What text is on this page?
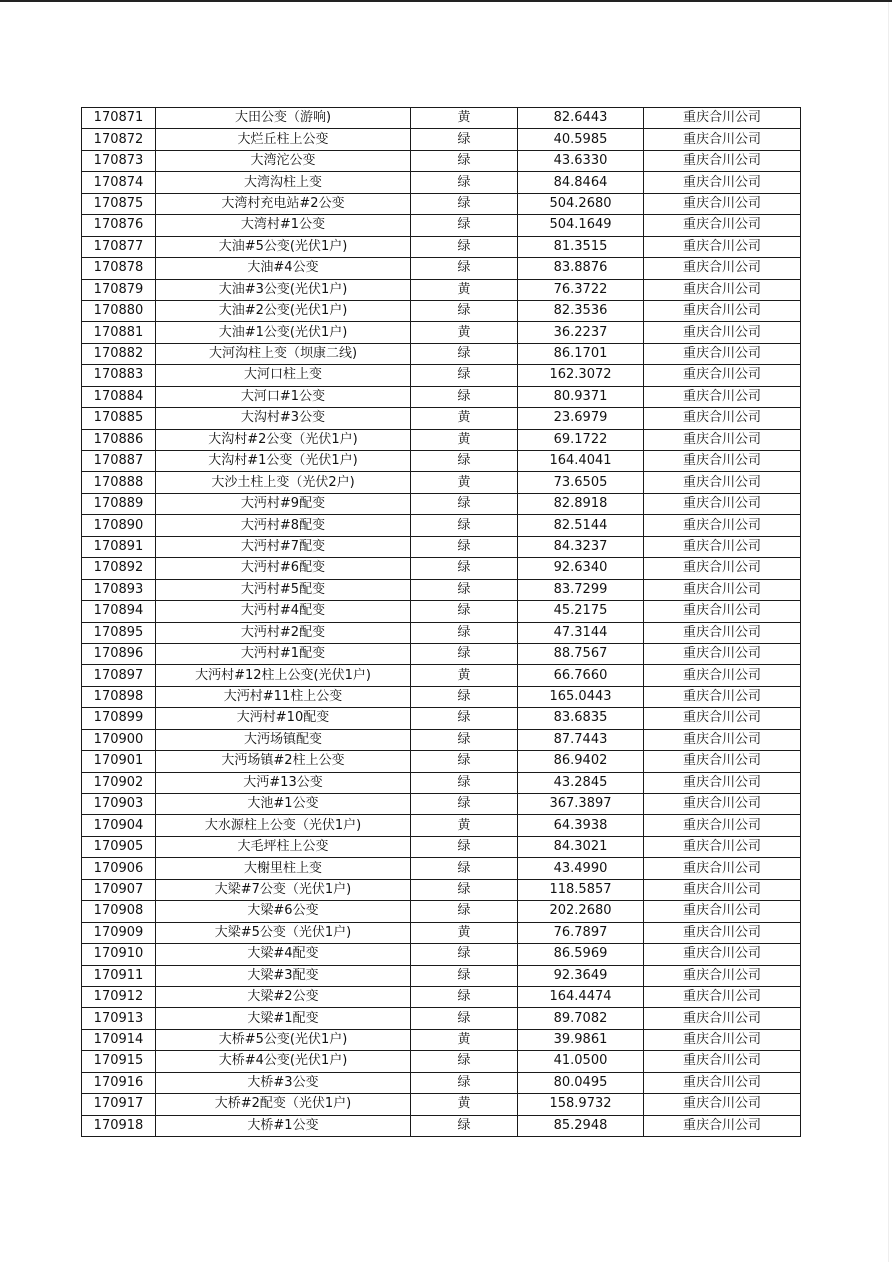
170871	大田公变（游响)	黄	82.6443	重庆合川公司
170872	大烂丘柱上公变	绿	40.5985	重庆合川公司
170873	大湾沱公变	绿	43.6330	重庆合川公司
170874	大湾沟柱上变	绿	84.8464	重庆合川公司
170875	大湾村充电站#2公变	绿	504.2680	重庆合川公司
170876	大湾村#1公变	绿	504.1649	重庆合川公司
170877	大油#5公变(光伏1户)	绿	81.3515	重庆合川公司
170878	大油#4公变	绿	83.8876	重庆合川公司
170879	大油#3公变(光伏1户)	黄	76.3722	重庆合川公司
170880	大油#2公变(光伏1户)	绿	82.3536	重庆合川公司
170881	大油#1公变(光伏1户)	黄	36.2237	重庆合川公司
170882	大河沟柱上变（坝康二线)	绿	86.1701	重庆合川公司
170883	大河口柱上变	绿	162.3072	重庆合川公司
170884	大河口#1公变	绿	80.9371	重庆合川公司
170885	大沟村#3公变	黄	23.6979	重庆合川公司
170886	大沟村#2公变（光伏1户)	黄	69.1722	重庆合川公司
170887	大沟村#1公变（光伏1户)	绿	164.4041	重庆合川公司
170888	大沙土柱上变（光伏2户)	黄	73.6505	重庆合川公司
170889	大沔村#9配变	绿	82.8918	重庆合川公司
170890	大沔村#8配变	绿	82.5144	重庆合川公司
170891	大沔村#7配变	绿	84.3237	重庆合川公司
170892	大沔村#6配变	绿	92.6340	重庆合川公司
170893	大沔村#5配变	绿	83.7299	重庆合川公司
170894	大沔村#4配变	绿	45.2175	重庆合川公司
170895	大沔村#2配变	绿	47.3144	重庆合川公司
170896	大沔村#1配变	绿	88.7567	重庆合川公司
170897	大沔村#12柱上公变(光伏1户)	黄	66.7660	重庆合川公司
170898	大沔村#11柱上公变	绿	165.0443	重庆合川公司
170899	大沔村#10配变	绿	83.6835	重庆合川公司
170900	大沔场镇配变	绿	87.7443	重庆合川公司
170901	大沔场镇#2柱上公变	绿	86.9402	重庆合川公司
170902	大沔#13公变	绿	43.2845	重庆合川公司
170903	大池#1公变	绿	367.3897	重庆合川公司
170904	大水源柱上公变（光伏1户)	黄	64.3938	重庆合川公司
170905	大毛坪柱上公变	绿	84.3021	重庆合川公司
170906	大榭里柱上变	绿	43.4990	重庆合川公司
170907	大梁#7公变（光伏1户)	绿	118.5857	重庆合川公司
170908	大梁#6公变	绿	202.2680	重庆合川公司
170909	大梁#5公变（光伏1户)	黄	76.7897	重庆合川公司
170910	大梁#4配变	绿	86.5969	重庆合川公司
170911	大梁#3配变	绿	92.3649	重庆合川公司
170912	大梁#2公变	绿	164.4474	重庆合川公司
170913	大梁#1配变	绿	89.7082	重庆合川公司
170914	大桥#5公变(光伏1户)	黄	39.9861	重庆合川公司
170915	大桥#4公变(光伏1户)	绿	41.0500	重庆合川公司
170916	大桥#3公变	绿	80.0495	重庆合川公司
170917	大桥#2配变（光伏1户)	黄	158.9732	重庆合川公司
170918	大桥#1公变	绿	85.2948	重庆合川公司
